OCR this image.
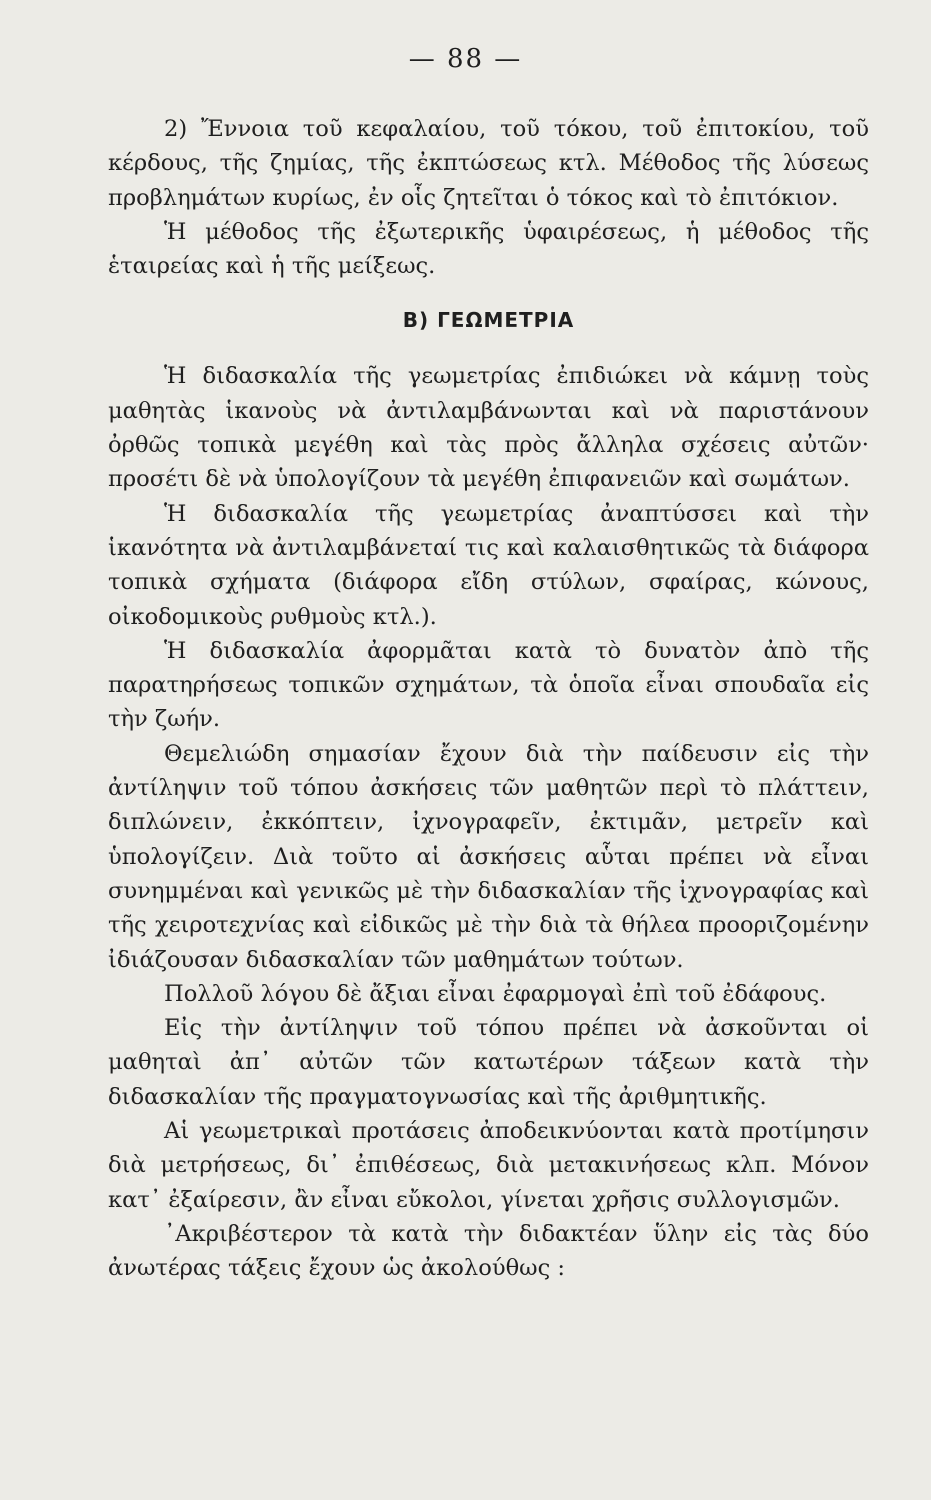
— 88 —

2) Ἔννοια τοῦ κεφαλαίου, τοῦ τόκου, τοῦ ἐπιτοκίου, τοῦ κέρδους, τῆς ζημίας, τῆς ἐκπτώσεως κτλ. Μέθοδος τῆς λύσεως προβλημάτων κυρίως, ἐν οἷς ζητεῖται ὁ τόκος καὶ τὸ ἐπιτόκιον.

Ἡ μέθοδος τῆς ἐξωτερικῆς ὑφαιρέσεως, ἡ μέθοδος τῆς ἑταιρείας καὶ ἡ τῆς μείξεως.

Β) ΓΕΩΜΕΤΡΙΑ

Ἡ διδασκαλία τῆς γεωμετρίας ἐπιδιώκει νὰ κάμνῃ τοὺς μαθητὰς ἱκανοὺς νὰ ἀντιλαμβάνωνται καὶ νὰ παριστάνουν ὀρθῶς τοπικὰ μεγέθη καὶ τὰς πρὸς ἄλληλα σχέσεις αὐτῶν· προσέτι δὲ νὰ ὑπολογίζουν τὰ μεγέθη ἐπιφανειῶν καὶ σωμάτων.

Ἡ διδασκαλία τῆς γεωμετρίας ἀναπτύσσει καὶ τὴν ἱκανότητα νὰ ἀντιλαμβάνεταί τις καὶ καλαισθητικῶς τὰ διάφορα τοπικὰ σχήματα (διάφορα εἴδη στύλων, σφαίρας, κώνους, οἰκοδομικοὺς ρυθμοὺς κτλ.).

Ἡ διδασκαλία ἀφορμᾶται κατὰ τὸ δυνατὸν ἀπὸ τῆς παρατηρήσεως τοπικῶν σχημάτων, τὰ ὁποῖα εἶναι σπουδαῖα εἰς τὴν ζωήν.

Θεμελιώδη σημασίαν ἔχουν διὰ τὴν παίδευσιν εἰς τὴν ἀντίληψιν τοῦ τόπου ἀσκήσεις τῶν μαθητῶν περὶ τὸ πλάττειν, διπλώνειν, ἐκκόπτειν, ἰχνογραφεῖν, ἐκτιμᾶν, μετρεῖν καὶ ὑπολογίζειν. Διὰ τοῦτο αἱ ἀσκήσεις αὗται πρέπει νὰ εἶναι συνημμέναι καὶ γενικῶς μὲ τὴν διδασκαλίαν τῆς ἰχνογραφίας καὶ τῆς χειροτεχνίας καὶ εἰδικῶς μὲ τὴν διὰ τὰ θήλεα προοριζομένην ἰδιάζουσαν διδασκαλίαν τῶν μαθημάτων τούτων.

Πολλοῦ λόγου δὲ ἄξιαι εἶναι ἐφαρμογαὶ ἐπὶ τοῦ ἐδάφους.

Εἰς τὴν ἀντίληψιν τοῦ τόπου πρέπει νὰ ἀσκοῦνται οἱ μαθηταὶ ἀπ᾽ αὐτῶν τῶν κατωτέρων τάξεων κατὰ τὴν διδασκαλίαν τῆς πραγματογνωσίας καὶ τῆς ἀριθμητικῆς.

Αἱ γεωμετρικαὶ προτάσεις ἀποδεικνύονται κατὰ προτίμησιν διὰ μετρήσεως, δι᾽ ἐπιθέσεως, διὰ μετακινήσεως κλπ. Μόνον κατ᾽ ἐξαίρεσιν, ἂν εἶναι εὔκολοι, γίνεται χρῆσις συλλογισμῶν.

᾽Ακριβέστερον τὰ κατὰ τὴν διδακτέαν ὕλην εἰς τὰς δύο ἀνωτέρας τάξεις ἔχουν ὡς ἀκολούθως :
